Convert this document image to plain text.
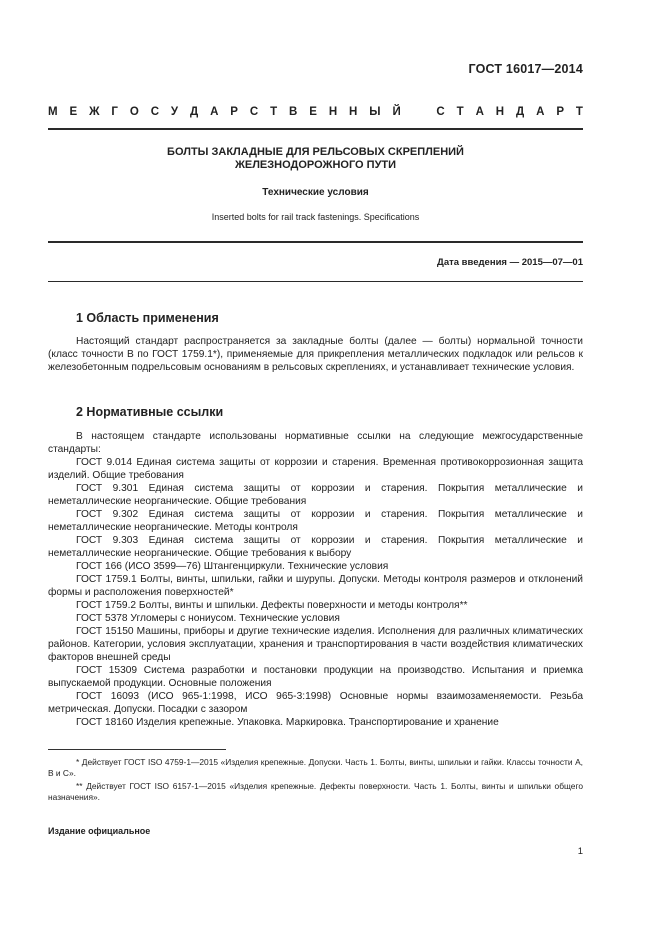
ГОСТ 16017—2014
М Е Ж Г О С У Д А Р С Т В Е Н Н Ы Й	С Т А Н Д А Р Т
БОЛТЫ ЗАКЛАДНЫЕ ДЛЯ РЕЛЬСОВЫХ СКРЕПЛЕНИЙ
ЖЕЛЕЗНОДОРОЖНОГО ПУТИ
Технические условия
Inserted bolts for rail track fastenings. Specifications
Дата введения — 2015—07—01
1 Область применения

Настоящий стандарт распространяется за закладные болты (далее — болты) нормальной точности (класс точности В по ГОСТ 1759.1*), применяемые для прикрепления металлических подкладок или рельсов к железобетонным подрельсовым основаниям в рельсовых скреплениях, и устанавливает технические условия.

2 Нормативные ссылки

В настоящем стандарте использованы нормативные ссылки на следующие межгосударственные стандарты:

ГОСТ 9.014 Единая система защиты от коррозии и старения. Временная противокоррозионная защита изделий. Общие требования

ГОСТ 9.301 Единая система защиты от коррозии и старения. Покрытия металлические и неметаллические неорганические. Общие требования

ГОСТ 9.302 Единая система защиты от коррозии и старения. Покрытия металлические и неметаллические неорганические. Методы контроля

ГОСТ 9.303 Единая система защиты от коррозии и старения. Покрытия металлические и неметаллические неорганические. Общие требования к выбору

ГОСТ 166 (ИСО 3599—76) Штангенциркули. Технические условия

ГОСТ 1759.1 Болты, винты, шпильки, гайки и шурупы. Допуски. Методы контроля размеров и отклонений формы и расположения поверхностей*

ГОСТ 1759.2 Болты, винты и шпильки. Дефекты поверхности и методы контроля**

ГОСТ 5378 Угломеры с нониусом. Технические условия

ГОСТ 15150 Машины, приборы и другие технические изделия. Исполнения для различных климатических районов. Категории, условия эксплуатации, хранения и транспортирования в части воздействия климатических факторов внешней среды

ГОСТ 15309 Система разработки и постановки продукции на производство. Испытания и приемка выпускаемой продукции. Основные положения

ГОСТ 16093 (ИСО 965-1:1998, ИСО 965-3:1998) Основные нормы взаимозаменяемости. Резьба метрическая. Допуски. Посадки с зазором

ГОСТ 18160 Изделия крепежные. Упаковка. Маркировка. Транспортирование и хранение

* Действует ГОСТ ISO 4759-1—2015 «Изделия крепежные. Допуски. Часть 1. Болты, винты, шпильки и гайки. Классы точности А, В и С».

** Действует ГОСТ ISO 6157-1—2015 «Изделия крепежные. Дефекты поверхности. Часть 1. Болты, винты и шпильки общего назначения».

Издание официальное
1
